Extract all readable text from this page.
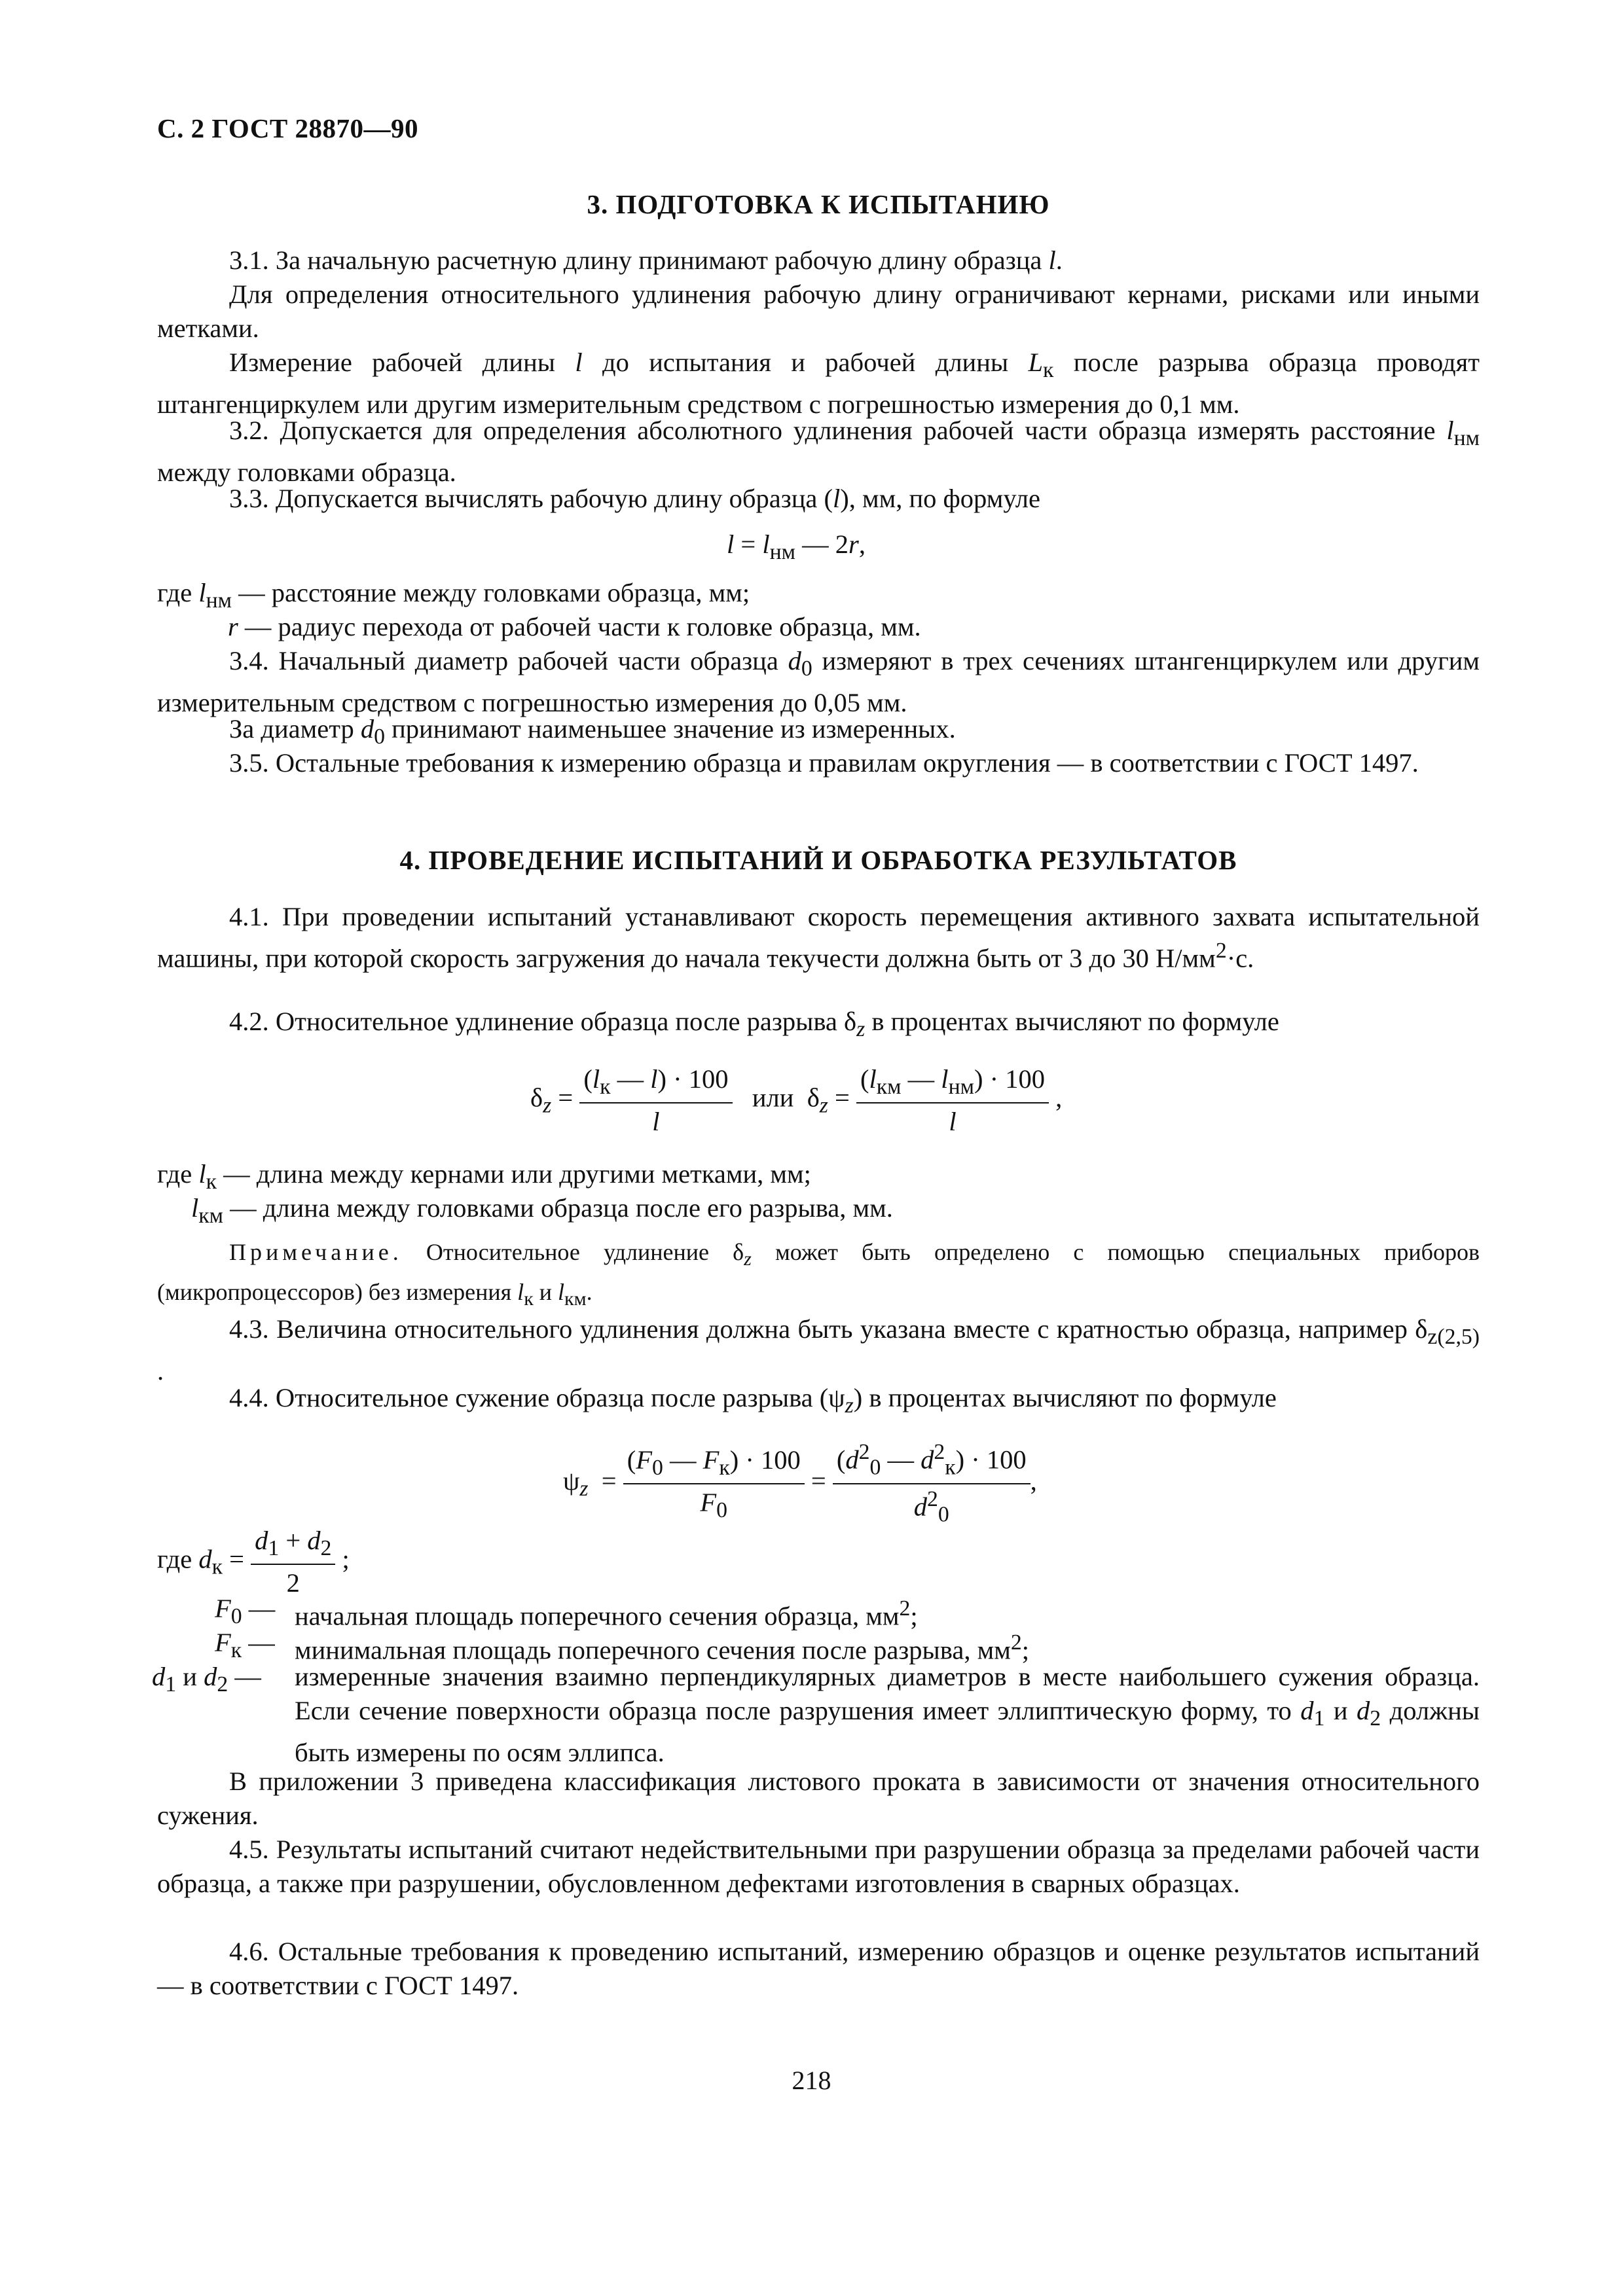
С. 2 ГОСТ 28870—90
3. ПОДГОТОВКА К ИСПЫТАНИЮ
3.1. За начальную расчетную длину принимают рабочую длину образца l.
Для определения относительного удлинения рабочую длину ограничивают кернами, рисками или иными метками.
Измерение рабочей длины l до испытания и рабочей длины $L_к$ после разрыва образца проводят штангенциркулем или другим измерительным средством с погрешностью измерения до 0,1 мм.
3.2. Допускается для определения абсолютного удлинения рабочей части образца измерять расстояние $l_{нм}$ между головками образца.
3.3. Допускается вычислять рабочую длину образца (l), мм, по формуле
$l = l_{нм}$ — 2r,
где $l_{нм}$ — расстояние между головками образца, мм;
r — радиус перехода от рабочей части к головке образца, мм.
3.4. Начальный диаметр рабочей части образца $d_0$ измеряют в трех сечениях штангенциркулем или другим измерительным средством с погрешностью измерения до 0,05 мм.
За диаметр $d_0$ принимают наименьшее значение из измеренных.
3.5. Остальные требования к измерению образца и правилам округления — в соответствии с ГОСТ 1497.
4. ПРОВЕДЕНИЕ ИСПЫТАНИЙ И ОБРАБОТКА РЕЗУЛЬТАТОВ
4.1. При проведении испытаний устанавливают скорость перемещения активного захвата испытательной машины, при которой скорость загружения до начала текучести должна быть от 3 до 30 $Н/мм^2\cdot с$.
4.2. Относительное удлинение образца после разрыва $\delta_z$ в процентах вычисляют по формуле
$\delta_z = \frac{(l_к — l) \cdot 100}{l}$ или  $\delta_z = \frac{(l_{км} — l_{нм}) \cdot 100}{l}$ ,
где $l_к$ — длина между кернами или другими метками, мм;
$l_{км}$ — длина между головками образца после его разрыва, мм.
Примечание. Относительное удлинение $\delta_z$ может быть определено с помощью специальных приборов (микропроцессоров) без измерения $l_к$ и $l_{км}$.
4.3. Величина относительного удлинения должна быть указана вместе с кратностью образца, например $\delta_{z(2,5)}$ .
4.4. Относительное сужение образца после разрыва $(\psi_z)$ в процентах вычисляют по формуле
$\psi_z = \frac{(F_0 — F_к) \cdot 100}{F_0} = \frac{(d^2_0 — d^2_к) \cdot 100}{d^2_0}$ ,
где $d_к = \frac{d_1 + d_2}{2}$ ;
$F_0$ — начальная площадь поперечного сечения образца, $мм^2$;
$F_к$ — минимальная площадь поперечного сечения после разрыва, $мм^2$;
$d_1$ и $d_2$ — измеренные значения взаимно перпендикулярных диаметров в месте наибольшего сужения образца. Если сечение поверхности образца после разрушения имеет эллиптическую форму, то $d_1$ и $d_2$ должны быть измерены по осям эллипса.
В приложении 3 приведена классификация листового проката в зависимости от значения относительного сужения.
4.5. Результаты испытаний считают недействительными при разрушении образца за пределами рабочей части образца, а также при разрушении, обусловленном дефектами изготовления в сварных образцах.
4.6. Остальные требования к проведению испытаний, измерению образцов и оценке результатов испытаний — в соответствии с ГОСТ 1497.
218
